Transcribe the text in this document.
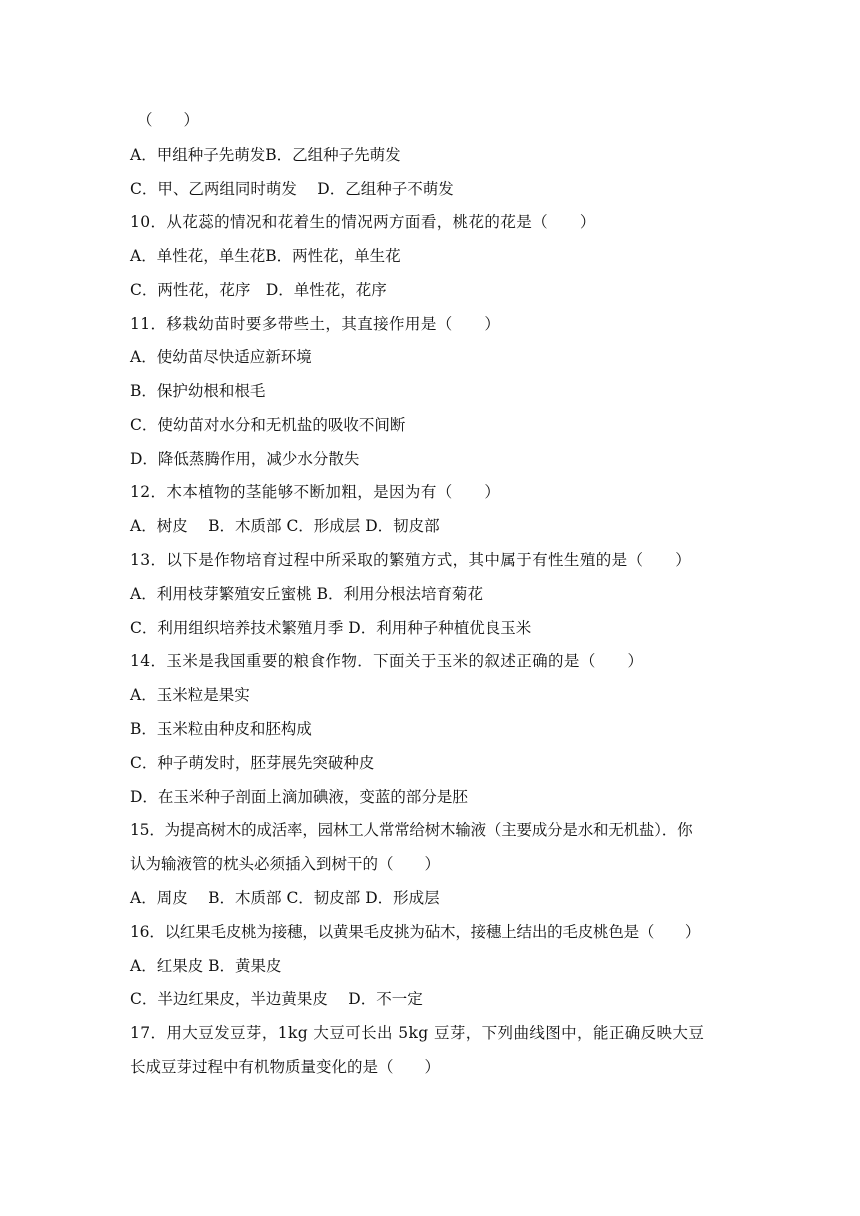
（　　）
A．甲组种子先萌发B．乙组种子先萌发
C．甲、乙两组同时萌发　 D．乙组种子不萌发
10．从花蕊的情况和花着生的情况两方面看，桃花的花是（　　）
A．单性花，单生花B．两性花，单生花
C．两性花，花序　D．单性花，花序
11．移栽幼苗时要多带些土，其直接作用是（　　）
A．使幼苗尽快适应新环境
B．保护幼根和根毛
C．使幼苗对水分和无机盐的吸收不间断
D．降低蒸腾作用，减少水分散失
12．木本植物的茎能够不断加粗，是因为有（　　）
A．树皮　 B．木质部 C．形成层 D．韧皮部
13．以下是作物培育过程中所采取的繁殖方式，其中属于有性生殖的是（　　）
A．利用枝芽繁殖安丘蜜桃 B．利用分根法培育菊花
C．利用组织培养技术繁殖月季 D．利用种子种植优良玉米
14．玉米是我国重要的粮食作物．下面关于玉米的叙述正确的是（　　）
A．玉米粒是果实
B．玉米粒由种皮和胚构成
C．种子萌发时，胚芽展先突破种皮
D．在玉米种子剖面上滴加碘液，变蓝的部分是胚
15．为提高树木的成活率，园林工人常常给树木输液（主要成分是水和无机盐）．你
认为输液管的枕头必须插入到树干的（　　）
A．周皮　 B．木质部 C．韧皮部 D．形成层
16．以红果毛皮桃为接穗，以黄果毛皮挑为砧木，接穗上结出的毛皮桃色是（　　）
A．红果皮 B．黄果皮
C．半边红果皮，半边黄果皮　 D．不一定
17．用大豆发豆芽，1kg 大豆可长出 5kg 豆芽，下列曲线图中，能正确反映大豆
长成豆芽过程中有机物质量变化的是（　　）
